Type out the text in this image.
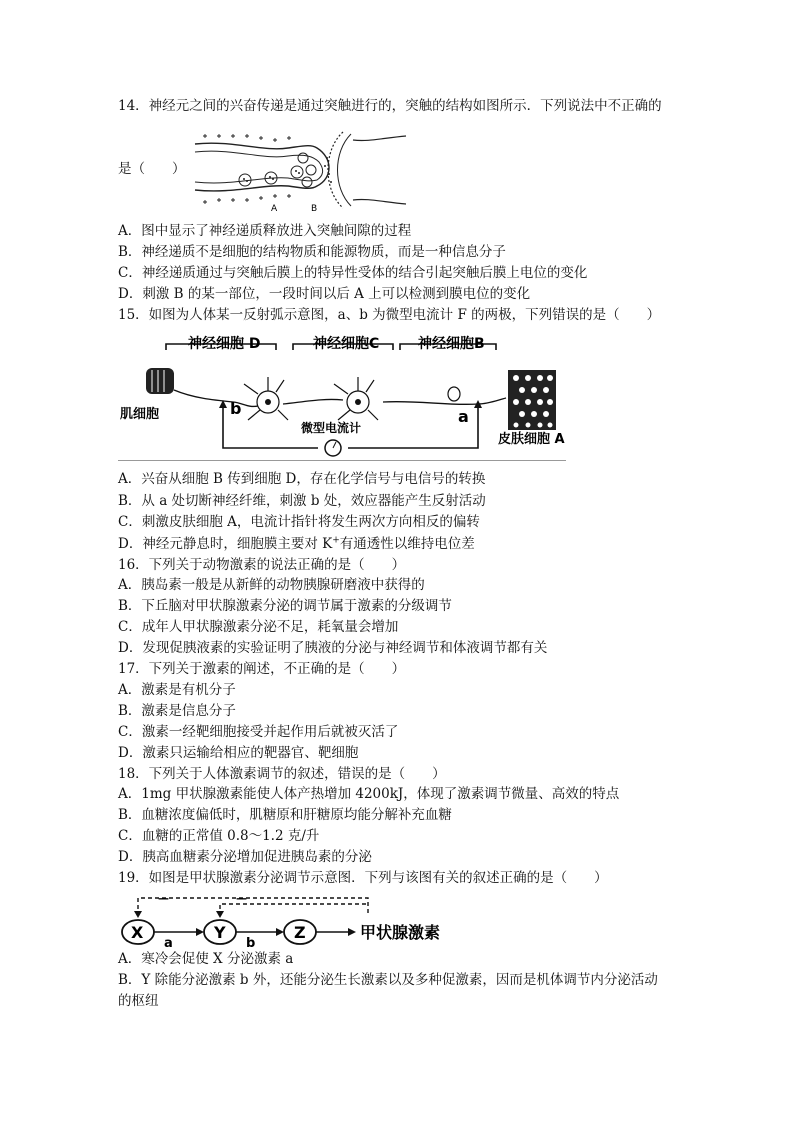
14．神经元之间的兴奋传递是通过突触进行的，突触的结构如图所示．下列说法中不正确的
A	B
是（　　）
A．图中显示了神经递质释放进入突触间隙的过程
B．神经递质不是细胞的结构物质和能源物质，而是一种信息分子
C．神经递质通过与突触后膜上的特异性受体的结合引起突触后膜上电位的变化
D．刺激 B 的某一部位，一段时间以后 A 上可以检测到膜电位的变化
15．如图为人体某一反射弧示意图，a、b 为微型电流计 F 的两极，下列错误的是（　　）
神经细胞 D	神经细胞C	神经细胞B
肌细胞
皮肤细胞 A
微型电流计
b	a
A．兴奋从细胞 B 传到细胞 D，存在化学信号与电信号的转换
B．从 a 处切断神经纤维，刺激 b 处，效应器能产生反射活动
C．刺激皮肤细胞 A，电流计指针将发生两次方向相反的偏转
D．神经元静息时，细胞膜主要对 K+有通透性以维持电位差
16．下列关于动物激素的说法正确的是（　　）
A．胰岛素一般是从新鲜的动物胰腺研磨液中获得的
B．下丘脑对甲状腺激素分泌的调节属于激素的分级调节
C．成年人甲状腺激素分泌不足，耗氧量会增加
D．发现促胰液素的实验证明了胰液的分泌与神经调节和体液调节都有关
17．下列关于激素的阐述，不正确的是（　　）
A．激素是有机分子
B．激素是信息分子
C．激素一经靶细胞接受并起作用后就被灭活了
D．激素只运输给相应的靶器官、靶细胞
18．下列关于人体激素调节的叙述，错误的是（　　）
A．1mg 甲状腺激素能使人体产热增加 4200kJ，体现了激素调节微量、高效的特点
B．血糖浓度偏低时，肌糖原和肝糖原均能分解补充血糖
C．血糖的正常值 0.8～1.2 克/升
D．胰高血糖素分泌增加促进胰岛素的分泌
19．如图是甲状腺激素分泌调节示意图．下列与该图有关的叙述正确的是（　　）
—	—
X	Y	Z
a	b
甲状腺激素
A．寒冷会促使 X 分泌激素 a
B．Y 除能分泌激素 b 外，还能分泌生长激素以及多种促激素，因而是机体调节内分泌活动
的枢纽
